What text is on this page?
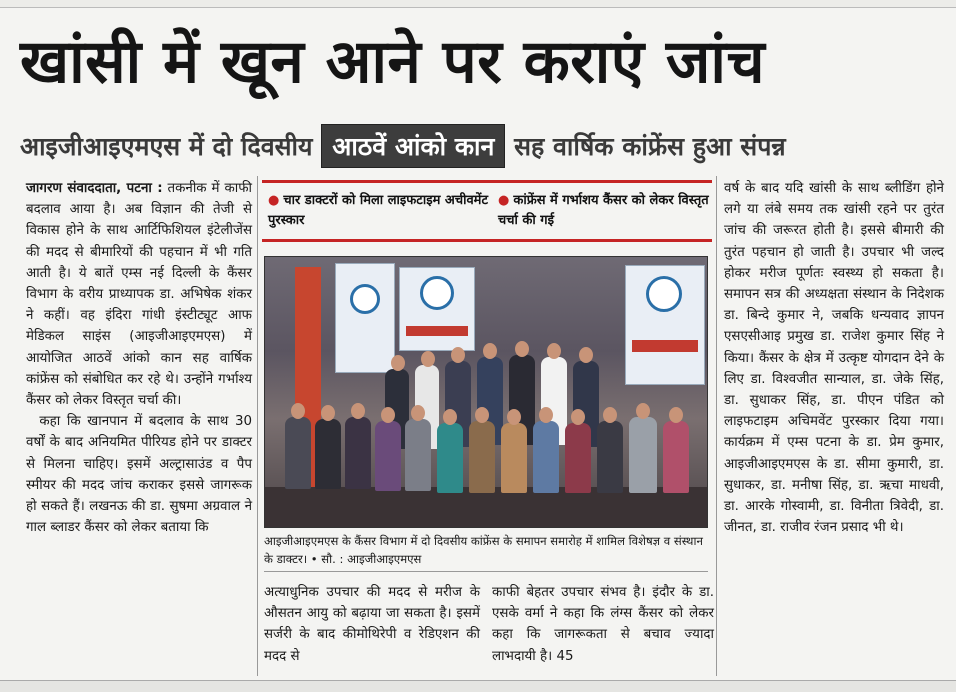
खांसी में खून आने पर कराएं जांच
आइजीआइएमएस में दो दिवसीय आठवें आंको कान सह वार्षिक कांफ्रेंस हुआ संपन्न

जागरण संवाददाता, पटना : तकनीक में काफी बदलाव आया है। अब विज्ञान की तेजी से विकास होने के साथ आर्टिफिशियल इंटेलीजेंस की मदद से बीमारियों की पहचान में भी गति आती है। ये बातें एम्स नई दिल्ली के कैंसर विभाग के वरीय प्राध्यापक डा. अभिषेक शंकर ने कहीं। वह इंदिरा गांधी इंस्टीट्यूट आफ मेडिकल साइंस (आइजीआइएमएस) में आयोजित आठवें आंको कान सह वार्षिक कांफ्रेंस को संबोधित कर रहे थे। उन्होंने गर्भाश्य कैंसर को लेकर विस्तृत चर्चा की।

कहा कि खानपान में बदलाव के साथ 30 वर्षों के बाद अनियमित पीरियड होने पर डाक्टर से मिलना चाहिए। इसमें अल्ट्रासाउंड व पैप स्मीयर की मदद जांच कराकर इससे जागरूक हो सकते हैं। लखनऊ की डा. सुषमा अग्रवाल ने गाल ब्लाडर कैंसर को लेकर बताया कि

● चार डाक्टरों को मिला लाइफटाइम अचीवमेंट पुरस्कार
● कांफ्रेंस में गर्भाशय कैंसर को लेकर विस्तृत चर्चा की गई
आइजीआइएमएस के कैंसर विभाग में दो दिवसीय कांफ्रेंस के समापन समारोह में शामिल विशेषज्ञ व संस्थान के डाक्टर। • सौ. : आइजीआइएमएस
अत्याधुनिक उपचार की मदद से मरीज के औसतन आयु को बढ़ाया जा सकता है। इसमें सर्जरी के बाद कीमोथिरेपी व रेडिएशन की मदद से
काफी बेहतर उपचार संभव है। इंदौर के डा. एसके वर्मा ने कहा कि लंग्स कैंसर को लेकर कहा कि जागरूकता से बचाव ज्यादा लाभदायी है। 45
वर्ष के बाद यदि खांसी के साथ ब्लीडिंग होने लगे या लंबे समय तक खांसी रहने पर तुरंत जांच की जरूरत होती है। इससे बीमारी की तुरंत पहचान हो जाती है। उपचार भी जल्द होकर मरीज पूर्णतः स्वस्थ्य हो सकता है। समापन सत्र की अध्यक्षता संस्थान के निदेशक डा. बिन्दे कुमार ने, जबकि धन्यवाद ज्ञापन एसएसीआइ प्रमुख डा. राजेश कुमार सिंह ने किया। कैंसर के क्षेत्र में उत्कृष्ट योगदान देने के लिए डा. विश्वजीत सान्याल, डा. जेके सिंह, डा. सुधाकर सिंह, डा. पीएन पंडित को लाइफटाइम अचिमवेंट पुरस्कार दिया गया। कार्यक्रम में एम्स पटना के डा. प्रेम कुमार, आइजीआइएमएस के डा. सीमा कुमारी, डा. सुधाकर, डा. मनीषा सिंह, डा. ऋचा माधवी, डा. आरके गोस्वामी, डा. विनीता त्रिवेदी, डा. जीनत, डा. राजीव रंजन प्रसाद भी थे।
